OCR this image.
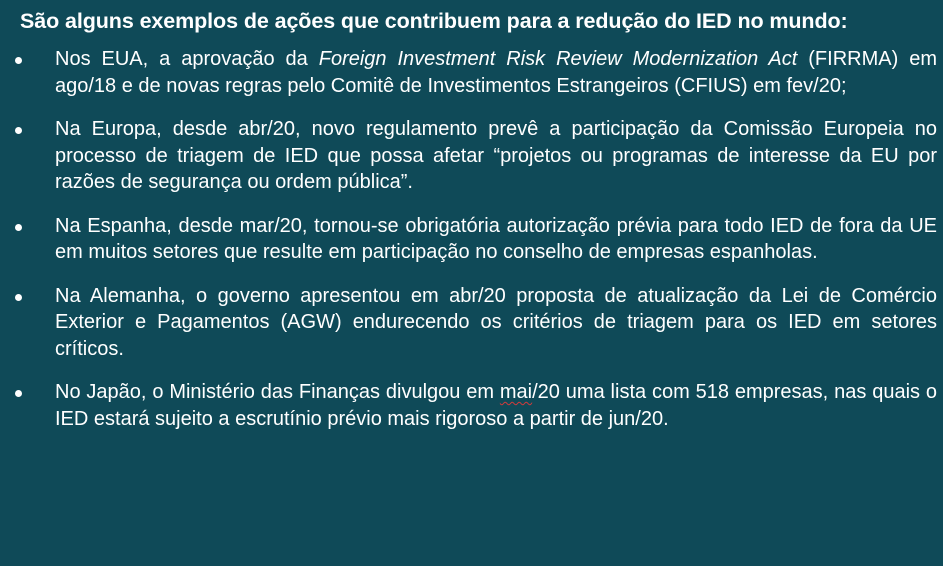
São alguns exemplos de ações que contribuem para a redução do IED no mundo:
Nos EUA, a aprovação da Foreign Investment Risk Review Modernization Act (FIRRMA) em ago/18 e de novas regras pelo Comitê de Investimentos Estrangeiros (CFIUS) em fev/20;
Na Europa, desde abr/20, novo regulamento prevê a participação da Comissão Europeia no processo de triagem de IED que possa afetar “projetos ou programas de interesse da EU por razões de segurança ou ordem pública”.
Na Espanha, desde mar/20, tornou-se obrigatória autorização prévia para todo IED de fora da UE em muitos setores que resulte em participação no conselho de empresas espanholas.
Na Alemanha, o governo apresentou em abr/20 proposta de atualização da Lei de Comércio Exterior e Pagamentos (AGW) endurecendo os critérios de triagem para os IED em setores críticos.
No Japão, o Ministério das Finanças divulgou em mai/20 uma lista com 518 empresas, nas quais o IED estará sujeito a escrutínio prévio mais rigoroso a partir de jun/20.
